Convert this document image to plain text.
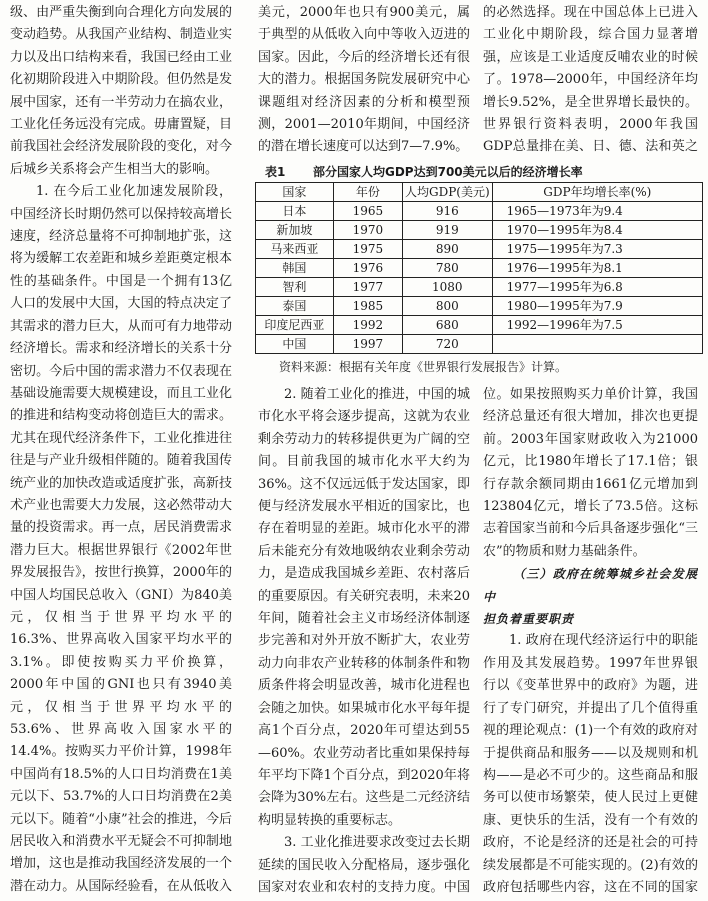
级、由严重失衡到向合理化方向发展的变动趋势。从我国产业结构、制造业实力以及出口结构来看，我国已经由工业化初期阶段进入中期阶段。但仍然是发展中国家，还有一半劳动力在搞农业，工业化任务远没有完成。毋庸置疑，目前我国社会经济发展阶段的变化，对今后城乡关系将会产生相当大的影响。

1. 在今后工业化加速发展阶段，中国经济长时期仍然可以保持较高增长速度，经济总量将不可抑制地扩张，这将为缓解工农差距和城乡差距奠定根本性的基础条件。中国是一个拥有13亿人口的发展中大国，大国的特点决定了其需求的潜力巨大，从而可有力地带动经济增长。需求和经济增长的关系十分密切。今后中国的需求潜力不仅表现在基础设施需要大规模建设，而且工业化的推进和结构变动将创造巨大的需求。尤其在现代经济条件下，工业化推进往往是与产业升级相伴随的。随着我国传统产业的加快改造或适度扩张，高新技术产业也需要大力发展，这必然带动大量的投资需求。再一点，居民消费需求潜力巨大。根据世界银行《2002年世界发展报告》，按世行换算，2000年的中国人均国民总收入（GNI）为840美元，仅相当于世界平均水平的16.3%、世界高收入国家平均水平的3.1%。即使按购买力平价换算，2000年中国的GNI也只有3940美元，仅相当于世界平均水平的53.6%、世界高收入国家水平的14.4%。按购买力平价计算，1998年中国尚有18.5%的人口日均消费在1美元以下、53.7%的人口日均消费在2美元以下。随着“小康”社会的推进，今后居民收入和消费水平无疑会不可抑制地增加，这也是推动我国经济发展的一个潜在动力。从国际经验看，在从低收入

美元，2000年也只有900美元，属于典型的从低收入向中等收入迈进的国家。因此，今后的经济增长还有很大的潜力。根据国务院发展研究中心课题组对经济因素的分析和模型预测，2001—2010年期间，中国经济的潜在增长速度可以达到7—7.9%。

的必然选择。现在中国总体上已进入工业化中期阶段，综合国力显著增强，应该是工业适度反哺农业的时候了。1978—2000年，中国经济年均增长9.52%，是全世界增长最快的。世界银行资料表明，2000年我国GDP总量排在美、日、德、法和英之

表1 部分国家人均GDP达到700美元以后的经济增长率
国家	年份	人均GDP(美元)	GDP年均增长率(%)
日本	1965	916	1965—1973年为9.4
新加坡	1970	919	1970—1995年为8.4
马来西亚	1975	890	1975—1995年为7.3
韩国	1976	780	1976—1995年为8.1
智利	1977	1080	1977—1995年为6.8
泰国	1985	800	1980—1995年为7.9
印度尼西亚	1992	680	1992—1996年为7.5
中国	1997	720	
资料来源：根据有关年度《世界银行发展报告》计算。

2. 随着工业化的推进，中国的城市化水平将会逐步提高，这就为农业剩余劳动力的转移提供更为广阔的空间。目前我国的城市化水平大约为36%。这不仅远远低于发达国家，即便与经济发展水平相近的国家比，也存在着明显的差距。城市化水平的滞后未能充分有效地吸纳农业剩余劳动力，是造成我国城乡差距、农村落后的重要原因。有关研究表明，未来20年间，随着社会主义市场经济体制逐步完善和对外开放不断扩大，农业劳动力向非农产业转移的体制条件和物质条件将会明显改善，城市化进程也会随之加快。如果城市化水平每年提高1个百分点，2020年可望达到55—60%。农业劳动者比重如果保持每年平均下降1个百分点，到2020年将会降为30%左右。这些是二元经济结构明显转换的重要标志。

3. 工业化推进要求改变过去长期延续的国民收入分配格局，逐步强化国家对农业和农村的支持力度。中国

位。如果按照购买力单价计算，我国经济总量还有很大增加，排次也更提前。2003年国家财政收入为21000亿元，比1980年增长了17.1倍；银行存款余额同期由1661亿元增加到123804亿元，增长了73.5倍。这标志着国家当前和今后具备逐步强化“三农”的物质和财力基础条件。

（三）政府在统筹城乡社会发展中

担负着重要职责

1. 政府在现代经济运行中的职能作用及其发展趋势。1997年世界银行以《变革世界中的政府》为题，进行了专门研究，并提出了几个值得重视的理论观点：(1)一个有效的政府对于提供商品和服务——以及规则和机构——是必不可少的。这些商品和服务可以使市场繁荣，使人民过上更健康、更快乐的生活，没有一个有效的政府，不论是经济的还是社会的可持续发展都是不可能实现的。(2)有效的政府包括哪些内容，这在不同的国家
